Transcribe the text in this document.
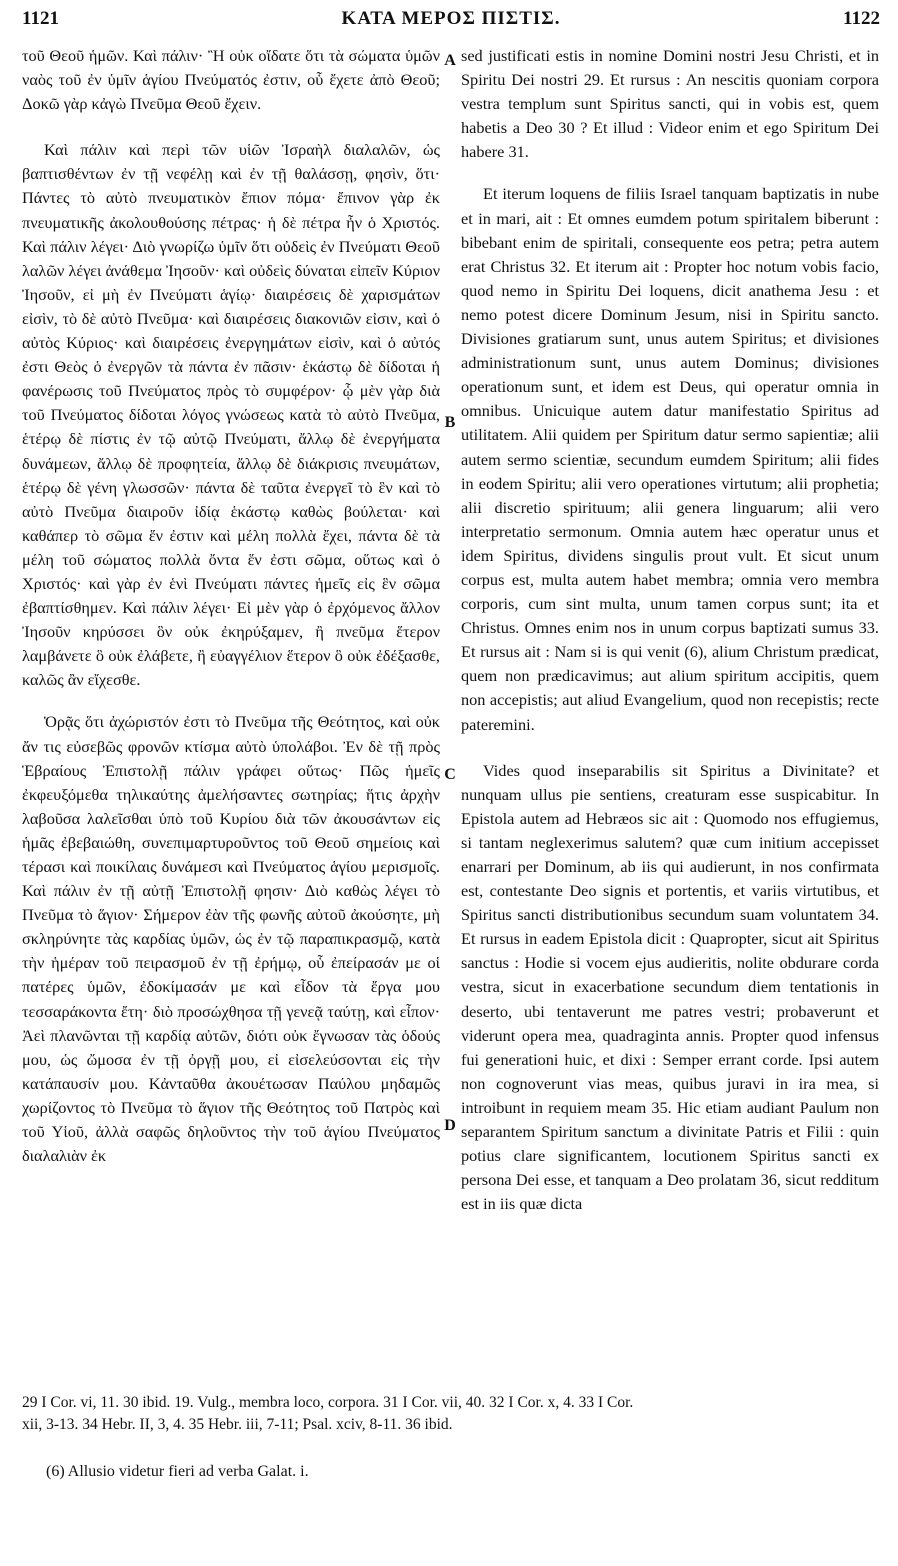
1121	ΚΑΤΑ ΜΕΡΟΣ ΠΙΣΤΙΣ.	1122

τοῦ Θεοῦ ἡμῶν. Καὶ πάλιν· Ἢ οὐκ οἴδατε ὅτι τὰ σώματα ὑμῶν ναὸς τοῦ ἐν ὑμῖν ἁγίου Πνεύματός ἐστιν, οὗ ἔχετε ἀπὸ Θεοῦ; Δοκῶ γὰρ κἀγὼ Πνεῦμα Θεοῦ ἔχειν.

Καὶ πάλιν καὶ περὶ τῶν υἱῶν Ἰσραὴλ διαλαλῶν, ὡς βαπτισθέντων ἐν τῇ νεφέλῃ καὶ ἐν τῇ θαλάσσῃ, φησὶν, ὅτι· Πάντες τὸ αὐτὸ πνευματικὸν ἔπιον πόμα· ἔπινον γὰρ ἐκ πνευματικῆς ἀκολουθούσης πέτρας· ἡ δὲ πέτρα ἦν ὁ Χριστός. Καὶ πάλιν λέγει· Διὸ γνωρίζω ὑμῖν ὅτι οὐδεὶς ἐν Πνεύματι Θεοῦ λαλῶν λέγει ἀνάθεμα Ἰησοῦν· καὶ οὐδεὶς δύναται εἰπεῖν Κύριον Ἰησοῦν, εἰ μὴ ἐν Πνεύματι ἁγίῳ· διαιρέσεις δὲ χαρισμάτων εἰσὶν, τὸ δὲ αὐτὸ Πνεῦμα· καὶ διαιρέσεις διακονιῶν εἰσιν, καὶ ὁ αὐτὸς Κύριος· καὶ διαιρέσεις ἐνεργημάτων εἰσὶν, καὶ ὁ αὐτός ἐστι Θεὸς ὁ ἐνεργῶν τὰ πάντα ἐν πᾶσιν· ἑκάστῳ δὲ δίδοται ἡ φανέρωσις τοῦ Πνεύματος πρὸς τὸ συμφέρον· ᾧ μὲν γὰρ διὰ τοῦ Πνεύματος δίδοται λόγος γνώσεως κατὰ τὸ αὐτὸ Πνεῦμα, ἑτέρῳ δὲ πίστις ἐν τῷ αὐτῷ Πνεύματι, ἄλλῳ δὲ ἐνεργήματα δυνάμεων, ἄλλῳ δὲ προφητεία, ἄλλῳ δὲ διάκρισις πνευμάτων, ἑτέρῳ δὲ γένη γλωσσῶν· πάντα δὲ ταῦτα ἐνεργεῖ τὸ ἓν καὶ τὸ αὐτὸ Πνεῦμα διαιροῦν ἰδίᾳ ἑκάστῳ καθὼς βούλεται· καὶ καθάπερ τὸ σῶμα ἕν ἐστιν καὶ μέλη πολλὰ ἔχει, πάντα δὲ τὰ μέλη τοῦ σώματος πολλὰ ὄντα ἕν ἐστι σῶμα, οὕτως καὶ ὁ Χριστός· καὶ γὰρ ἐν ἑνὶ Πνεύματι πάντες ἡμεῖς εἰς ἓν σῶμα ἐβαπτίσθημεν. Καὶ πάλιν λέγει· Εἰ μὲν γὰρ ὁ ἐρχόμενος ἄλλον Ἰησοῦν κηρύσσει ὃν οὐκ ἐκηρύξαμεν, ἢ πνεῦμα ἕτερον λαμβάνετε ὃ οὐκ ἐλάβετε, ἢ εὐαγγέλιον ἕτερον ὃ οὐκ ἐδέξασθε, καλῶς ἂν εἴχεσθε.

Ὁρᾷς ὅτι ἀχώριστόν ἐστι τὸ Πνεῦμα τῆς Θεότητος, καὶ οὐκ ἄν τις εὐσεβῶς φρονῶν κτίσμα αὐτὸ ὑπολάβοι. Ἐν δὲ τῇ πρὸς Ἑβραίους Ἐπιστολῇ πάλιν γράφει οὕτως· Πῶς ἡμεῖς ἐκφευξόμεθα τηλικαύτης ἀμελήσαντες σωτηρίας; ἥτις ἀρχὴν λαβοῦσα λαλεῖσθαι ὑπὸ τοῦ Κυρίου διὰ τῶν ἀκουσάντων εἰς ἡμᾶς ἐβεβαιώθη, συνεπιμαρτυροῦντος τοῦ Θεοῦ σημείοις καὶ τέρασι καὶ ποικίλαις δυνάμεσι καὶ Πνεύματος ἁγίου μερισμοῖς. Καὶ πάλιν ἐν τῇ αὐτῇ Ἐπιστολῇ φησιν· Διὸ καθὼς λέγει τὸ Πνεῦμα τὸ ἅγιον· Σήμερον ἐὰν τῆς φωνῆς αὐτοῦ ἀκούσητε, μὴ σκληρύνητε τὰς καρδίας ὑμῶν, ὡς ἐν τῷ παραπικρασμῷ, κατὰ τὴν ἡμέραν τοῦ πειρασμοῦ ἐν τῇ ἐρήμῳ, οὗ ἐπείρασάν με οἱ πατέρες ὑμῶν, ἐδοκίμασάν με καὶ εἶδον τὰ ἔργα μου τεσσαράκοντα ἔτη· διὸ προσώχθησα τῇ γενεᾷ ταύτῃ, καὶ εἶπον· Ἀεὶ πλανῶνται τῇ καρδίᾳ αὐτῶν, διότι οὐκ ἔγνωσαν τὰς ὁδούς μου, ὡς ὤμοσα ἐν τῇ ὀργῇ μου, εἰ εἰσελεύσονται εἰς τὴν κατάπαυσίν μου. Κἀνταῦθα ἀκουέτωσαν Παύλου μηδαμῶς χωρίζοντος τὸ Πνεῦμα τὸ ἅγιον τῆς Θεότητος τοῦ Πατρὸς καὶ τοῦ Υἱοῦ, ἀλλὰ σαφῶς δηλοῦντος τὴν τοῦ ἁγίου Πνεύματος διαλαλιὰν ἐκ

A
B
C
D

sed justificati estis in nomine Domini nostri Jesu Christi, et in Spiritu Dei nostri 29. Et rursus : An nescitis quoniam corpora vestra templum sunt Spiritus sancti, qui in vobis est, quem habetis a Deo 30 ? Et illud : Videor enim et ego Spiritum Dei habere 31.

Et iterum loquens de filiis Israel tanquam baptizatis in nube et in mari, ait : Et omnes eumdem potum spiritalem biberunt : bibebant enim de spiritali, consequente eos petra; petra autem erat Christus 32. Et iterum ait : Propter hoc notum vobis facio, quod nemo in Spiritu Dei loquens, dicit anathema Jesu : et nemo potest dicere Dominum Jesum, nisi in Spiritu sancto. Divisiones gratiarum sunt, unus autem Spiritus; et divisiones administrationum sunt, unus autem Dominus; divisiones operationum sunt, et idem est Deus, qui operatur omnia in omnibus. Unicuique autem datur manifestatio Spiritus ad utilitatem. Alii quidem per Spiritum datur sermo sapientiæ; alii autem sermo scientiæ, secundum eumdem Spiritum; alii fides in eodem Spiritu; alii vero operationes virtutum; alii prophetia; alii discretio spirituum; alii genera linguarum; alii vero interpretatio sermonum. Omnia autem hæc operatur unus et idem Spiritus, dividens singulis prout vult. Et sicut unum corpus est, multa autem habet membra; omnia vero membra corporis, cum sint multa, unum tamen corpus sunt; ita et Christus. Omnes enim nos in unum corpus baptizati sumus 33. Et rursus ait : Nam si is qui venit (6), alium Christum prædicat, quem non prædicavimus; aut alium spiritum accipitis, quem non accepistis; aut aliud Evangelium, quod non recepistis; recte pateremini.

Vides quod inseparabilis sit Spiritus a Divinitate? et nunquam ullus pie sentiens, creaturam esse suspicabitur. In Epistola autem ad Hebræos sic ait : Quomodo nos effugiemus, si tantam neglexerimus salutem? quæ cum initium accepisset enarrari per Dominum, ab iis qui audierunt, in nos confirmata est, contestante Deo signis et portentis, et variis virtutibus, et Spiritus sancti distributionibus secundum suam voluntatem 34. Et rursus in eadem Epistola dicit : Quapropter, sicut ait Spiritus sanctus : Hodie si vocem ejus audieritis, nolite obdurare corda vestra, sicut in exacerbatione secundum diem tentationis in deserto, ubi tentaverunt me patres vestri; probaverunt et viderunt opera mea, quadraginta annis. Propter quod infensus fui generationi huic, et dixi : Semper errant corde. Ipsi autem non cognoverunt vias meas, quibus juravi in ira mea, si introibunt in requiem meam 35. Hic etiam audiant Paulum non separantem Spiritum sanctum a divinitate Patris et Filii : quin potius clare significantem, locutionem Spiritus sancti ex persona Dei esse, et tanquam a Deo prolatam 36, sicut redditum est in iis quæ dicta

29 I Cor. vi, 11. 30 ibid. 19. Vulg., membra loco, corpora. 31 I Cor. vii, 40. 32 I Cor. x, 4. 33 I Cor.
xii, 3-13. 34 Hebr. II, 3, 4. 35 Hebr. iii, 7-11; Psal. xciv, 8-11. 36 ibid.
(6) Allusio videtur fieri ad verba Galat. i.
